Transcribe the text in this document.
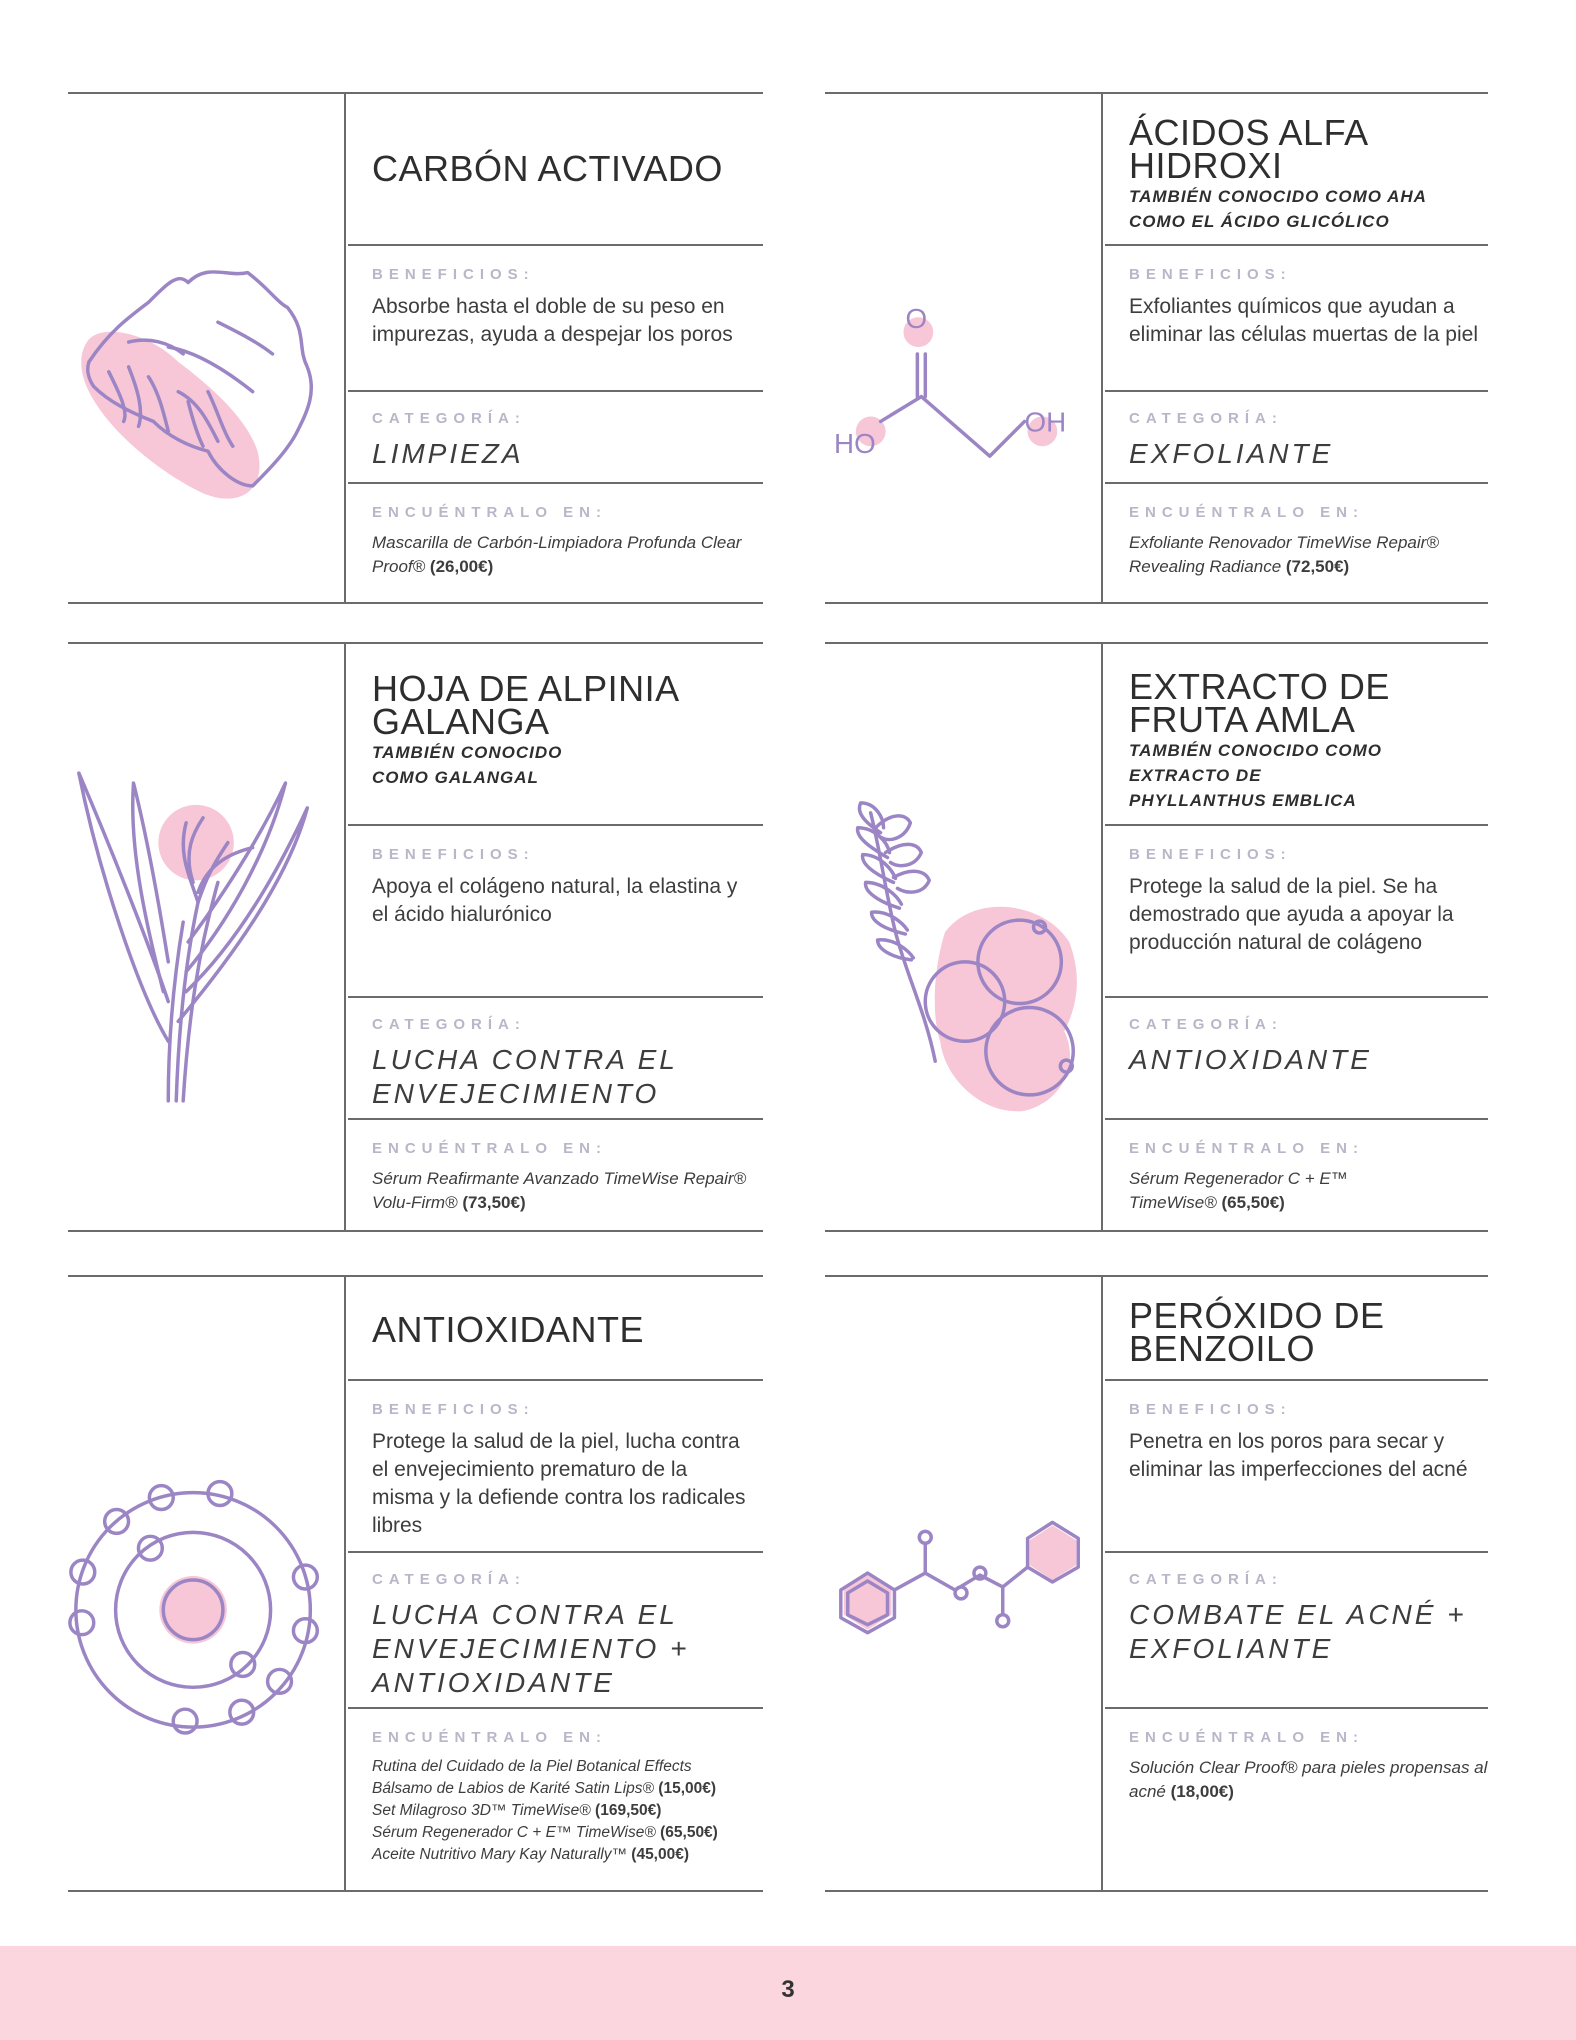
CARBÓN ACTIVADO
BENEFICIOS:
Absorbe hasta el doble de su peso en impurezas, ayuda a despejar los poros
CATEGORÍA:
LIMPIEZA
ENCUÉNTRALO EN:
Mascarilla de Carbón-Limpiadora Profunda Clear Proof® (26,00€)
O
HO
OH
ÁCIDOS ALFA HIDROXI
TAMBIÉN CONOCIDO COMO AHA COMO EL ÁCIDO GLICÓLICO
BENEFICIOS:
Exfoliantes químicos que ayudan a eliminar las células muertas de la piel
CATEGORÍA:
EXFOLIANTE
ENCUÉNTRALO EN:
Exfoliante Renovador TimeWise Repair® Revealing Radiance (72,50€)
HOJA DE ALPINIA GALANGA
TAMBIÉN CONOCIDO COMO GALANGAL
BENEFICIOS:
Apoya el colágeno natural, la elastina y el ácido hialurónico
CATEGORÍA:
LUCHA CONTRA EL ENVEJECIMIENTO
ENCUÉNTRALO EN:
Sérum Reafirmante Avanzado TimeWise Repair® Volu-Firm® (73,50€)
EXTRACTO DE FRUTA AMLA
TAMBIÉN CONOCIDO COMO EXTRACTO DE PHYLLANTHUS EMBLICA
BENEFICIOS:
Protege la salud de la piel. Se ha demostrado que ayuda a apoyar la producción natural de colágeno
CATEGORÍA:
ANTIOXIDANTE
ENCUÉNTRALO EN:
Sérum Regenerador C + E™ TimeWise® (65,50€)
ANTIOXIDANTE
BENEFICIOS:
Protege la salud de la piel, lucha contra el envejecimiento prematuro de la misma y la defiende contra los radicales libres
CATEGORÍA:
LUCHA CONTRA EL ENVEJECIMIENTO + ANTIOXIDANTE
ENCUÉNTRALO EN:
Rutina del Cuidado de la Piel Botanical Effects
Bálsamo de Labios de Karité Satin Lips® (15,00€)
Set Milagroso 3D™ TimeWise® (169,50€)
Sérum Regenerador C + E™ TimeWise® (65,50€)
Aceite Nutritivo Mary Kay Naturally™ (45,00€)
PERÓXIDO DE BENZOILO
BENEFICIOS:
Penetra en los poros para secar y eliminar las imperfecciones del acné
CATEGORÍA:
COMBATE EL ACNÉ + EXFOLIANTE
ENCUÉNTRALO EN:
Solución Clear Proof® para pieles propensas al acné (18,00€)
3
